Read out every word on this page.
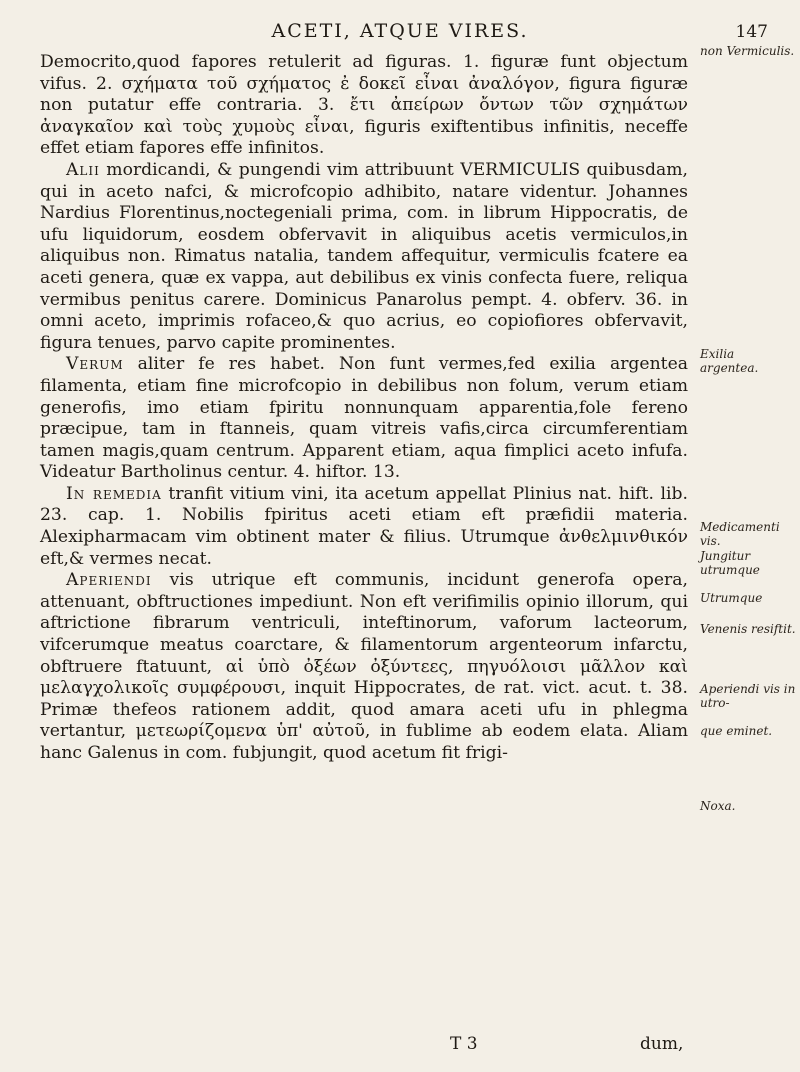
ACETI, ATQUE VIRES.	147

Democrito,quod fapores retulerit ad figuras. 1. figuræ funt objectum vifus. 2. σχήματα τοῦ σχήματος ἐ δοκεῖ εἶναι ἀναλόγον, figura figuræ non putatur effe contraria. 3. ἔτι ἀπείρων ὄντων τῶν σχημάτων ἀναγκαῖον καὶ τοὺς χυμοὺς εἶναι, figuris exiftentibus infinitis, neceffe effet etiam fapores effe infinitos.

Alii mordicandi, & pungendi vim attribuunt VERMICULIS quibusdam, qui in aceto nafci, & microfcopio adhibito, natare videntur. Johannes Nardius Florentinus,noctegeniali prima, com. in librum Hippocratis, de ufu liquidorum, eosdem obfervavit in aliquibus acetis vermiculos,in aliquibus non. Rimatus natalia, tandem affequitur, vermiculis fcatere ea aceti genera, quæ ex vappa, aut debilibus ex vinis confecta fuere, reliqua vermibus penitus carere. Dominicus Panarolus pempt. 4. obferv. 36. in omni aceto, imprimis rofaceo,& quo acrius, eo copiofiores obfervavit, figura tenues, parvo capite prominentes.

Verum aliter fe res habet. Non funt vermes,fed exilia argentea filamenta, etiam fine microfcopio in debilibus non folum, verum etiam generofis, imo etiam fpiritu nonnunquam apparentia,fole fereno præcipue, tam in ftanneis, quam vitreis vafis,circa circumferentiam tamen magis,quam centrum. Apparent etiam, aqua fimplici aceto infufa. Videatur Bartholinus centur. 4. hiftor. 13.

In remedia tranfit vitium vini, ita acetum appellat Plinius nat. hift. lib. 23. cap. 1. Nobilis fpiritus aceti etiam eft præfidii materia. Alexipharmacam vim obtinent mater & filius. Utrumque ἀνθελμινθικόν eft,& vermes necat.

Aperiendi vis utrique eft communis, incidunt generofa opera, attenuant, obftructiones impediunt. Non eft verifimilis opinio illorum, qui aftrictione fibrarum ventriculi, inteftinorum, vaforum lacteorum, vifcerumque meatus coarctare, & filamentorum argenteorum infarctu, obftruere ftatuunt, αἱ ὑπὸ ὀξέων ὀξύντεες, πηγυόλοισι μᾶλλον καὶ μελαγχολικοῖς συμφέρουσι, inquit Hippocrates, de rat. vict. acut. t. 38. Primæ thefeos rationem addit, quod amara aceti ufu in phlegma vertantur, μετεωρίζομενα ὑπ' αὐτοῦ, in fublime ab eodem elata. Aliam hanc Galenus in com. fubjungit, quod acetum fit frigi-

non Vermiculis.
Exilia argentea.
Medicamenti vis.
Jungitur utrumque
Utrumque
Venenis resiftit.
Aperiendi vis in utro-
que eminet.
Noxa.
T 3	dum,
